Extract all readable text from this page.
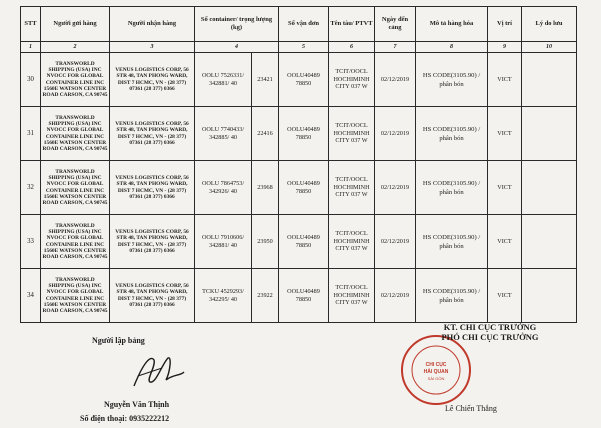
STT	Người gửi hàng	Người nhận hàng	Số container/ trọng lượng (kg)		Số vận đơn	Tên tàu/ PTVT	Ngày đến cảng	Mô tả hàng hóa	Vị trí	Lý do lưu
1	2	3	4		5	6	7	8	9	10
30	TRANSWORLD SHIPPING (USA) INC NVOCC FOR GLOBAL CONTAINER LINE INC 1560E WATSON CENTER ROAD CARSON, CA 90745	VENUS LOGISTICS CORP, 56 STR 48, TAN PHONG WARD, DIST 7 HCMC, VN - (28 377) 07361 (28 377) 0366	OOLU 7526331/ 342881/ 40	23421	OOLU40489 78850	TCIT/OOCL HOCHIMINH CITY 037 W	02/12/2019	HS CODE(3105.90) / phân bón	VICT	
31	TRANSWORLD SHIPPING (USA) INC NVOCC FOR GLOBAL CONTAINER LINE INC 1560E WATSON CENTER ROAD CARSON, CA 90745	VENUS LOGISTICS CORP, 56 STR 48, TAN PHONG WARD, DIST 7 HCMC, VN - (28 377) 07361 (28 377) 0366	OOLU 7740433/ 342885/ 40	22416	OOLU40489 78850	TCIT/OOCL HOCHIMINH CITY 037 W	02/12/2019	HS CODE(3105.90) / phân bón	VICT	
32	TRANSWORLD SHIPPING (USA) INC NVOCC FOR GLOBAL CONTAINER LINE INC 1560E WATSON CENTER ROAD CARSON, CA 90745	VENUS LOGISTICS CORP, 56 STR 48, TAN PHONG WARD, DIST 7 HCMC, VN - (28 377) 07361 (28 377) 0366	OOLU 7864753/ 342926/ 40	23968	OOLU40489 78850	TCIT/OOCL HOCHIMINH CITY 037 W	02/12/2019	HS CODE(3105.90) / phân bón	VICT	
33	TRANSWORLD SHIPPING (USA) INC NVOCC FOR GLOBAL CONTAINER LINE INC 1560E WATSON CENTER ROAD CARSON, CA 90745	VENUS LOGISTICS CORP, 56 STR 48, TAN PHONG WARD, DIST 7 HCMC, VN - (28 377) 07361 (28 377) 0366	OOLU 7910606/ 342881/ 40	23950	OOLU40489 78850	TCIT/OOCL HOCHIMINH CITY 037 W	02/12/2019	HS CODE(3105.90) / phân bón	VICT	
34	TRANSWORLD SHIPPING (USA) INC NVOCC FOR GLOBAL CONTAINER LINE INC 1560E WATSON CENTER ROAD CARSON, CA 90745	VENUS LOGISTICS CORP, 56 STR 48, TAN PHONG WARD, DIST 7 HCMC, VN - (28 377) 07361 (28 377) 0366	TCKU 4529293/ 342295/ 40	23922	OOLU40489 78850	TCIT/OOCL HOCHIMINH CITY 037 W	02/12/2019	HS CODE(3105.90) / phân bón	VICT	
Người lập bảng
Nguyễn Văn Thịnh
Số điện thoại: 0935222212
CHI CỤC
HẢI QUAN
SÀI GÒN
KT. CHI CỤC TRƯỞNG
PHÓ CHI CỤC TRƯỞNG
Lê Chiến Thắng
